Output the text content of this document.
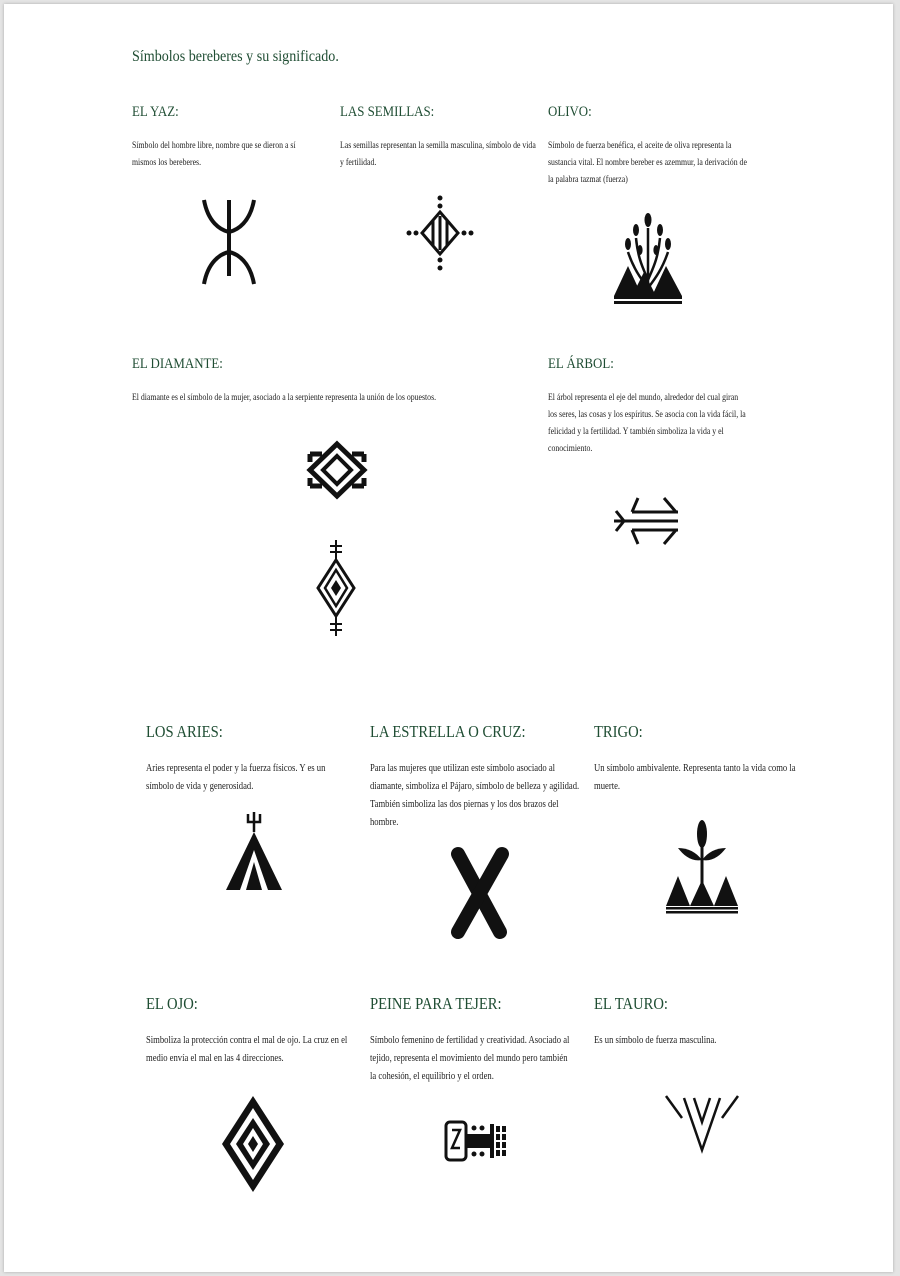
Símbolos bereberes y su significado.
EL YAZ:
Símbolo del hombre libre, nombre que se dieron a sí mismos los bereberes.
LAS SEMILLAS:
Las semillas representan la semilla masculina, símbolo de vida y fertilidad.
OLIVO:
Símbolo de fuerza benéfica, el aceite de oliva representa la sustancia vital. El nombre bereber es azemmur, la derivación de la palabra tazmat (fuerza)
EL DIAMANTE:
El diamante es el símbolo de la mujer, asociado a la serpiente representa la unión de los opuestos.
EL ÁRBOL:
El árbol representa el eje del mundo, alrededor del cual giran los seres, las cosas y los espíritus. Se asocia con la vida fácil, la felicidad y la fertilidad. Y también simboliza la vida y el conocimiento.
LOS ARIES:
Aries representa el poder y la fuerza físicos. Y es un símbolo de vida y generosidad.
LA ESTRELLA O CRUZ:
Para las mujeres que utilizan este símbolo asociado al diamante, simboliza el Pájaro, símbolo de belleza y agilidad. También simboliza las dos piernas y los dos brazos del hombre.
TRIGO:
Un símbolo ambivalente. Representa tanto la vida como la muerte.
EL OJO:
Simboliza la protección contra el mal de ojo. La cruz en el medio envía el mal en las 4 direcciones.
PEINE PARA TEJER:
Símbolo femenino de fertilidad y creatividad. Asociado al tejido, representa el movimiento del mundo pero también la cohesión, el equilibrio y el orden.
EL TAURO:
Es un símbolo de fuerza masculina.
